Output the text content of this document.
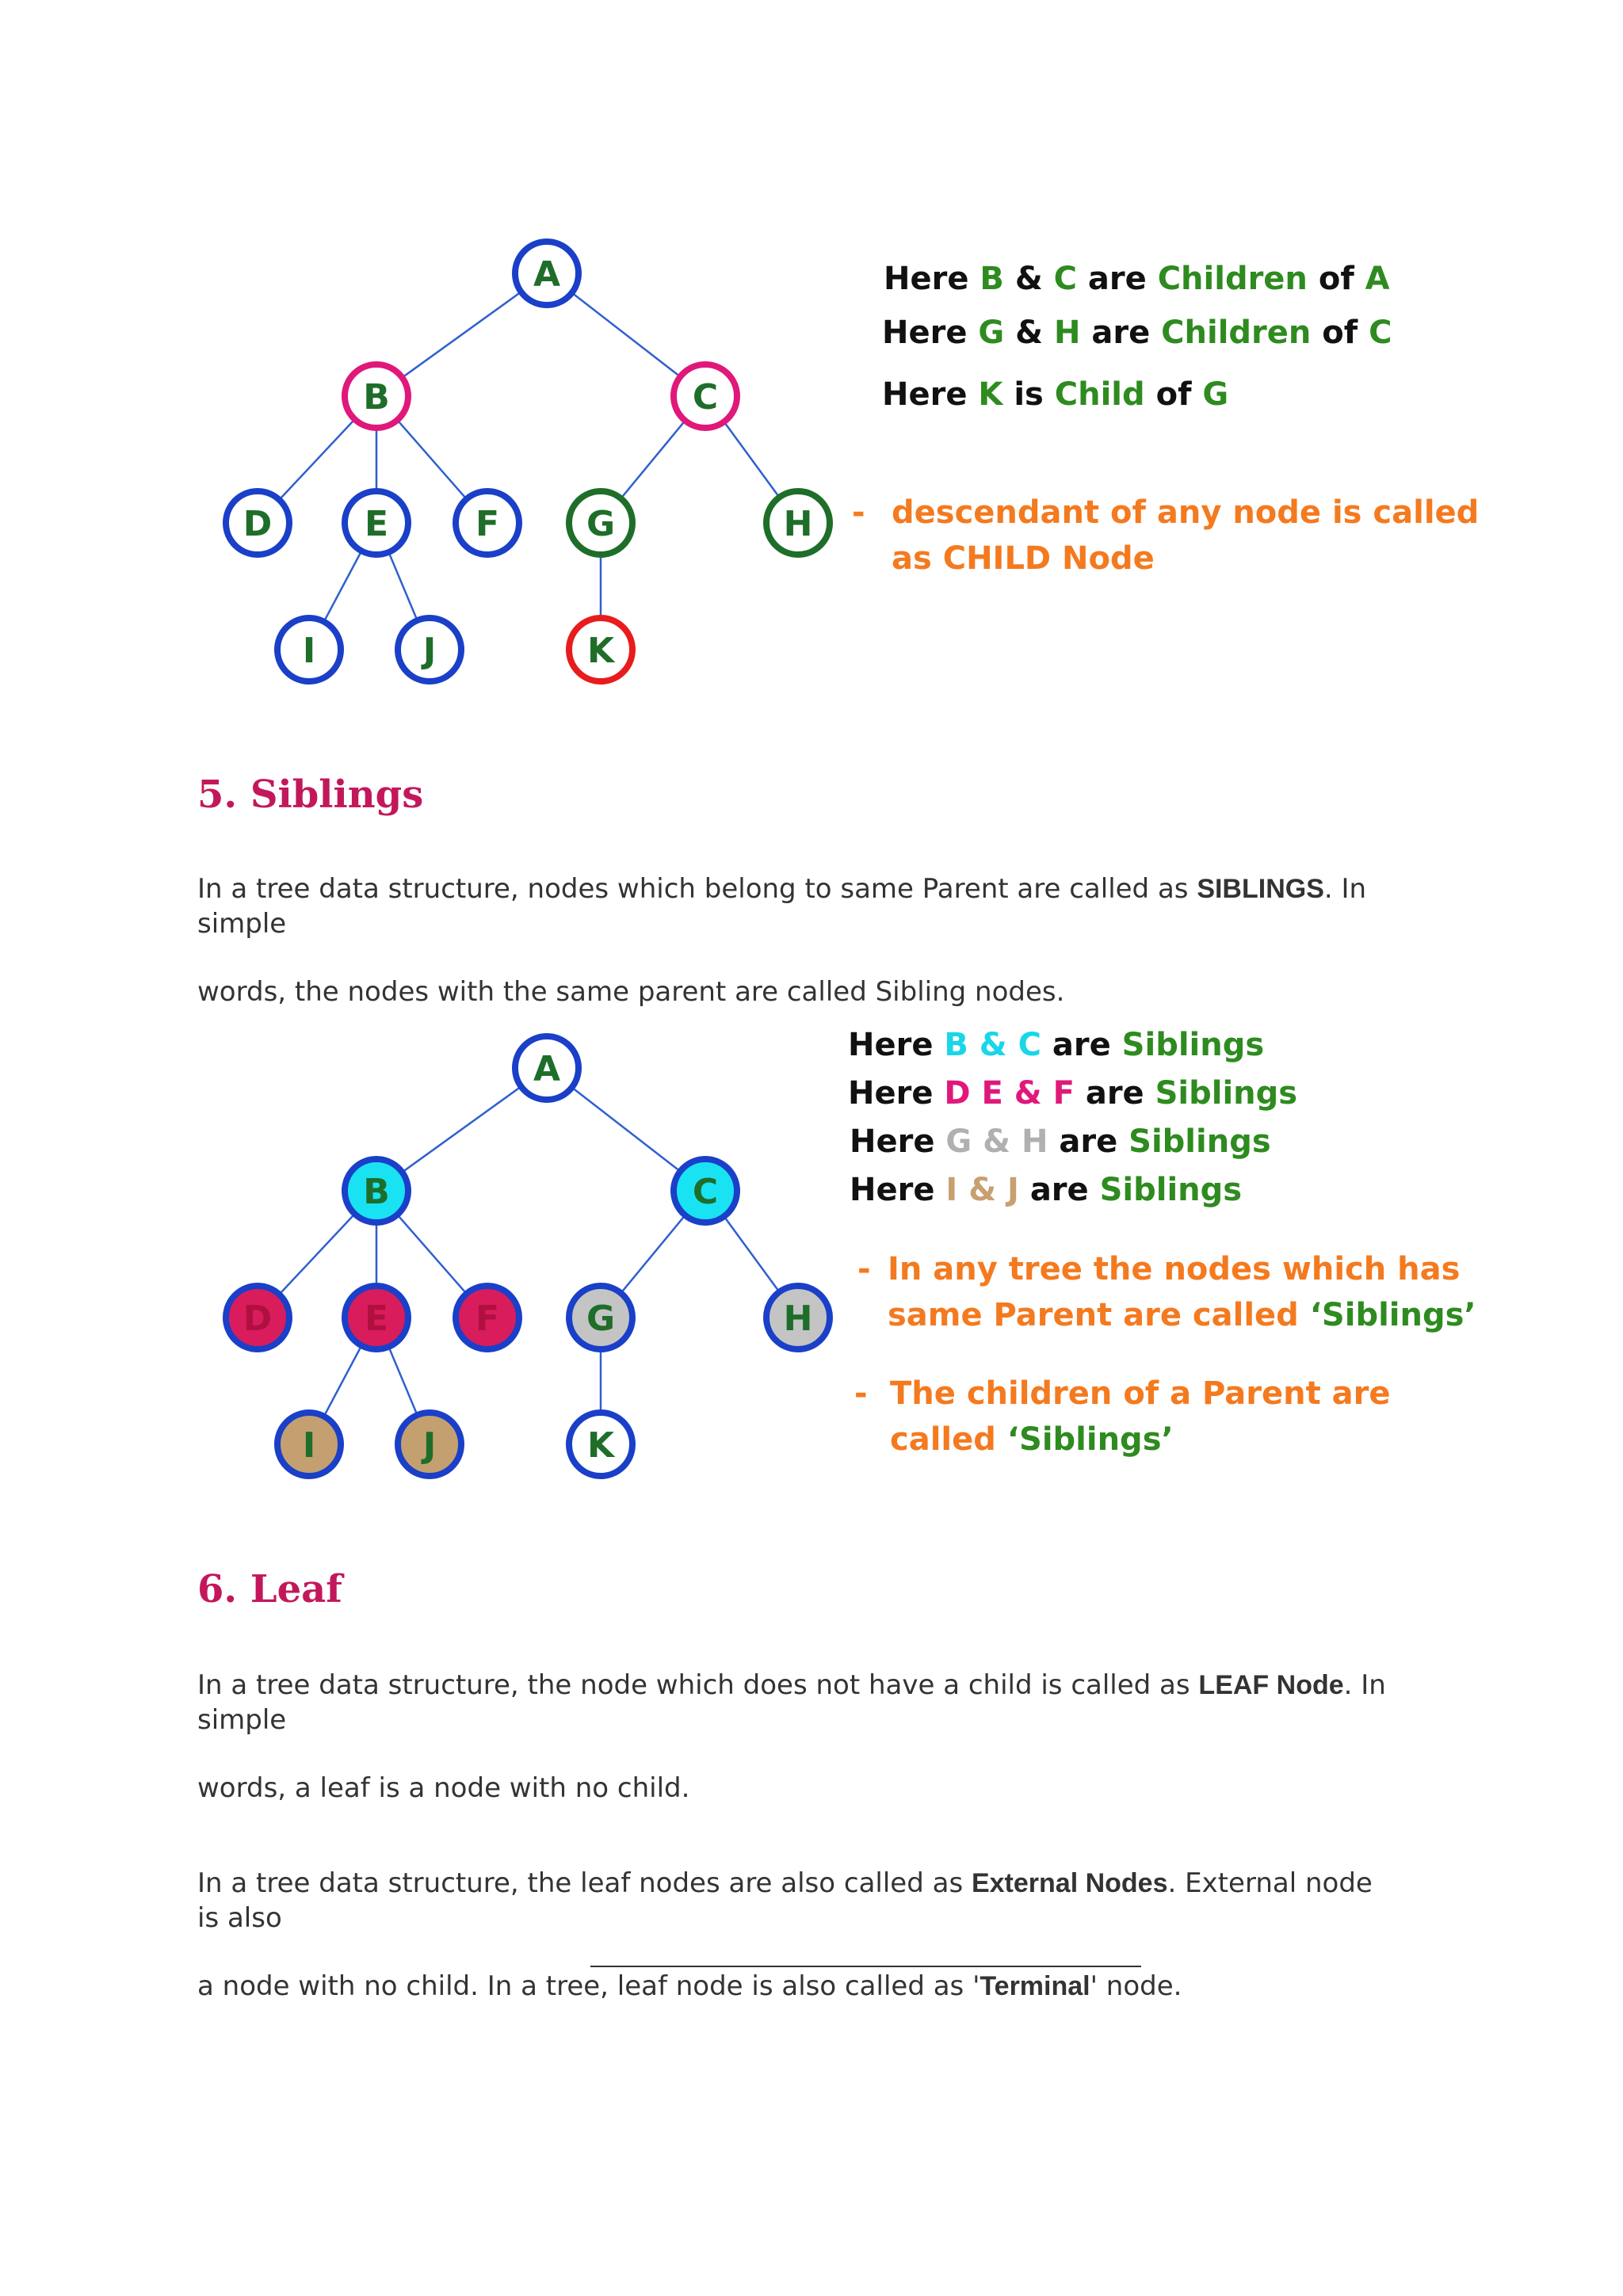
A
B	C
D	E F G	H
I	J	K
Here B & C are Children of A
Here G & H are Children of C
Here K is Child of G
- descendant of any node is called
as CHILD Node
5. Siblings

In a tree data structure, nodes which belong to same Parent are called as SIBLINGS. In simple

words, the nodes with the same parent are called Sibling nodes.

A
B	C
D	E F G	H
I	J	K
Here B & C are Siblings
Here D E & F are Siblings
Here G & H are Siblings
Here I & J are Siblings
- In any tree the nodes which has
same Parent are called ‘Siblings’
- The children of a Parent are
called ‘Siblings’
6. Leaf

In a tree data structure, the node which does not have a child is called as LEAF Node. In simple

words, a leaf is a node with no child.

In a tree data structure, the leaf nodes are also called as External Nodes. External node is also

a node with no child. In a tree, leaf node is also called as 'Terminal' node.
